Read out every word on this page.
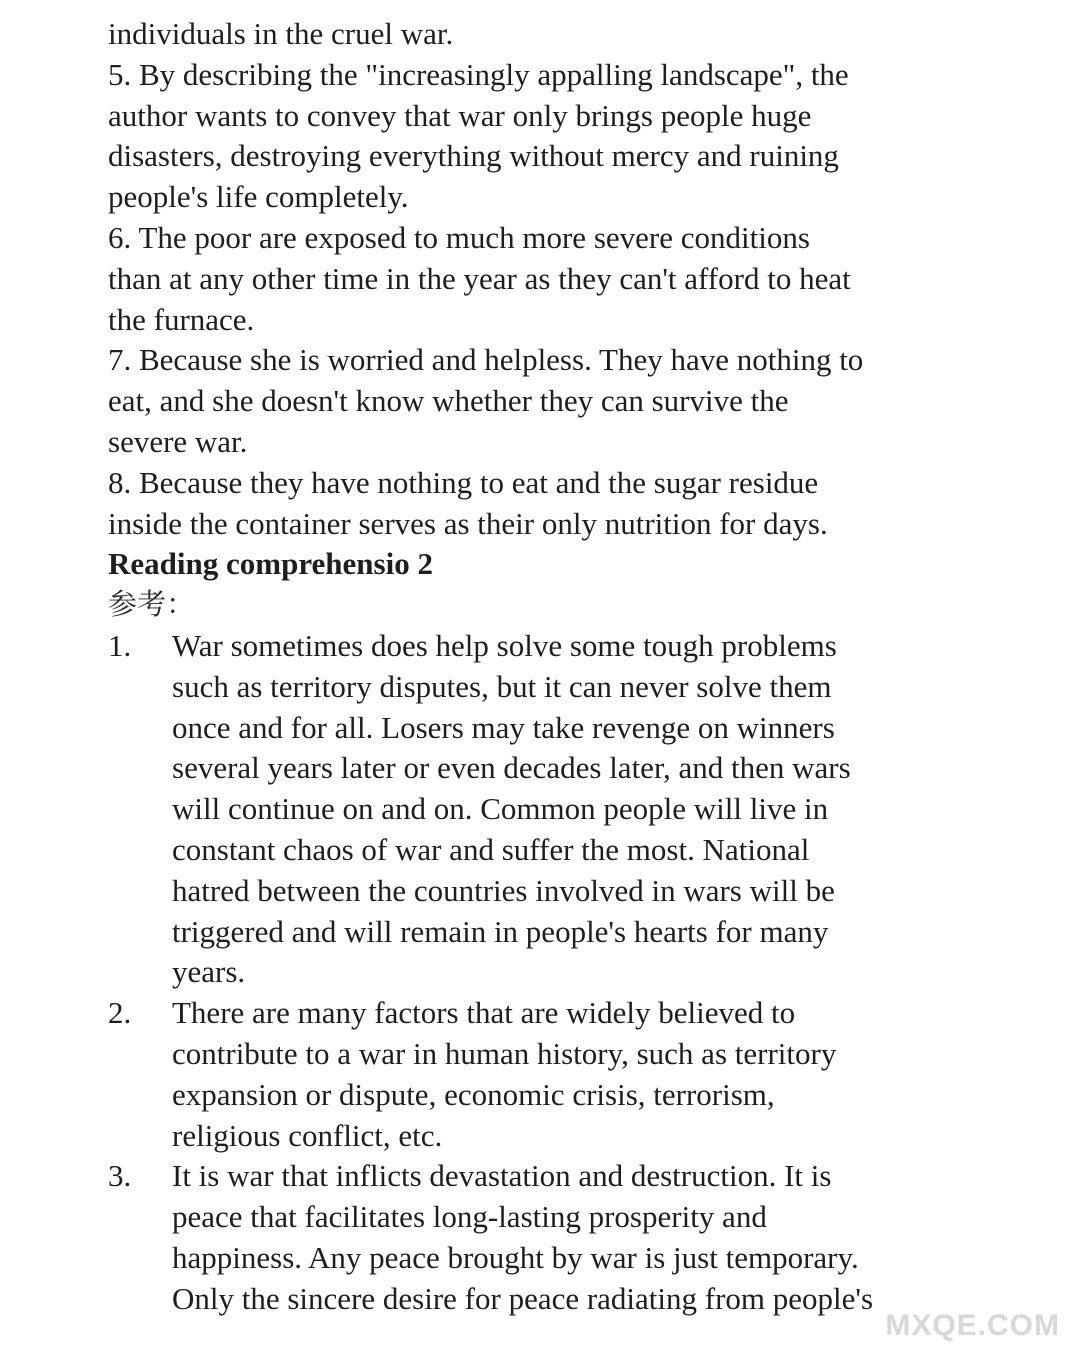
individuals in the cruel war.
5. By describing the "increasingly appalling landscape", the
author wants to convey that war only brings people huge
disasters, destroying everything without mercy and ruining
people's life completely.
6. The poor are exposed to much more severe conditions
than at any other time in the year as they can't afford to heat
the furnace.
7. Because she is worried and helpless. They have nothing to
eat, and she doesn't know whether they can survive the
severe war.
8. Because they have nothing to eat and the sugar residue
inside the container serves as their only nutrition for days.
Reading comprehensio 2
参考：
1.	War sometimes does help solve some tough problems
such as territory disputes, but it can never solve them
once and for all. Losers may take revenge on winners
several years later or even decades later, and then wars
will continue on and on. Common people will live in
constant chaos of war and suffer the most. National
hatred between the countries involved in wars will be
triggered and will remain in people's hearts for many
years.
2.	There are many factors that are widely believed to
contribute to a war in human history, such as territory
expansion or dispute, economic crisis, terrorism,
religious conflict, etc.
3.	It is war that inflicts devastation and destruction. It is
peace that facilitates long-lasting prosperity and
happiness. Any peace brought by war is just temporary.
Only the sincere desire for peace radiating from people's
MXQE.COM
